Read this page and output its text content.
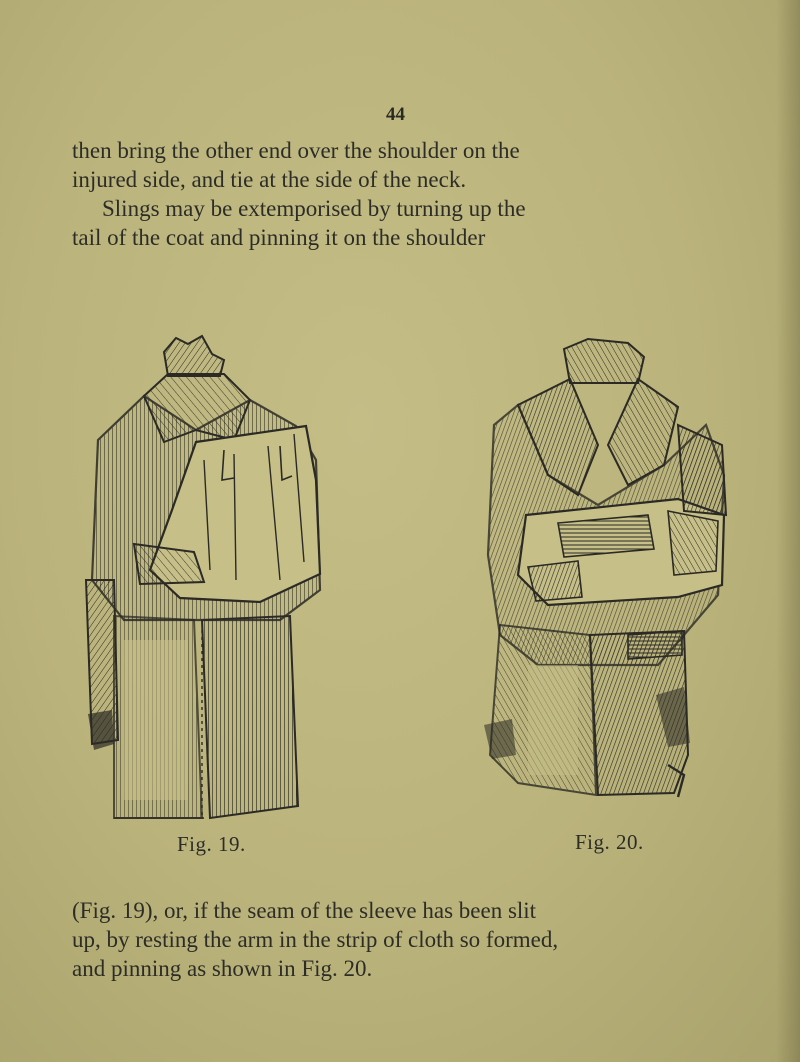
44

then bring the other end over the shoulder on the
injured side, and tie at the side of the neck.
Slings may be extemporised by turning up the
tail of the coat and pinning it on the shoulder

Fig. 19.	Fig. 20.

(Fig. 19), or, if the seam of the sleeve has been slit
up, by resting the arm in the strip of cloth so formed,
and pinning as shown in Fig. 20.
